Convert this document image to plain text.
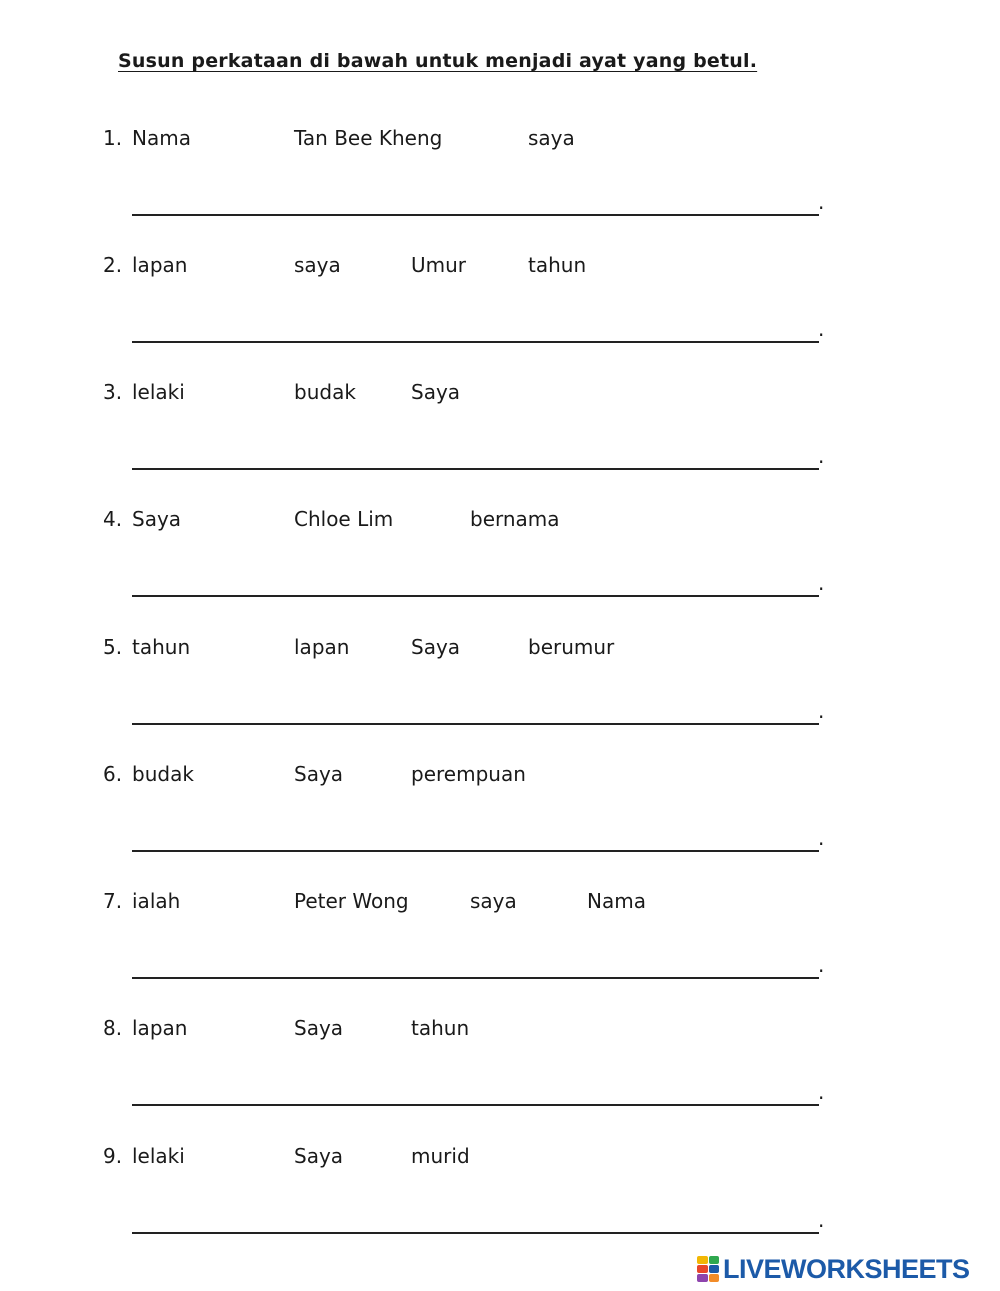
Susun perkataan di bawah untuk menjadi ayat yang betul.
1. Nama	Tan Bee Kheng	saya
.
2. lapan	saya	Umur	tahun
.
3. lelaki	budak	Saya
.
4. Saya	Chloe Lim	bernama
.
5. tahun	lapan	Saya	berumur
.
6. budak	Saya	perempuan
.
7. ialah	Peter Wong	saya	Nama
.
8. lapan	Saya	tahun
.
9. lelaki	Saya	murid
.
LIVEWORKSHEETS
